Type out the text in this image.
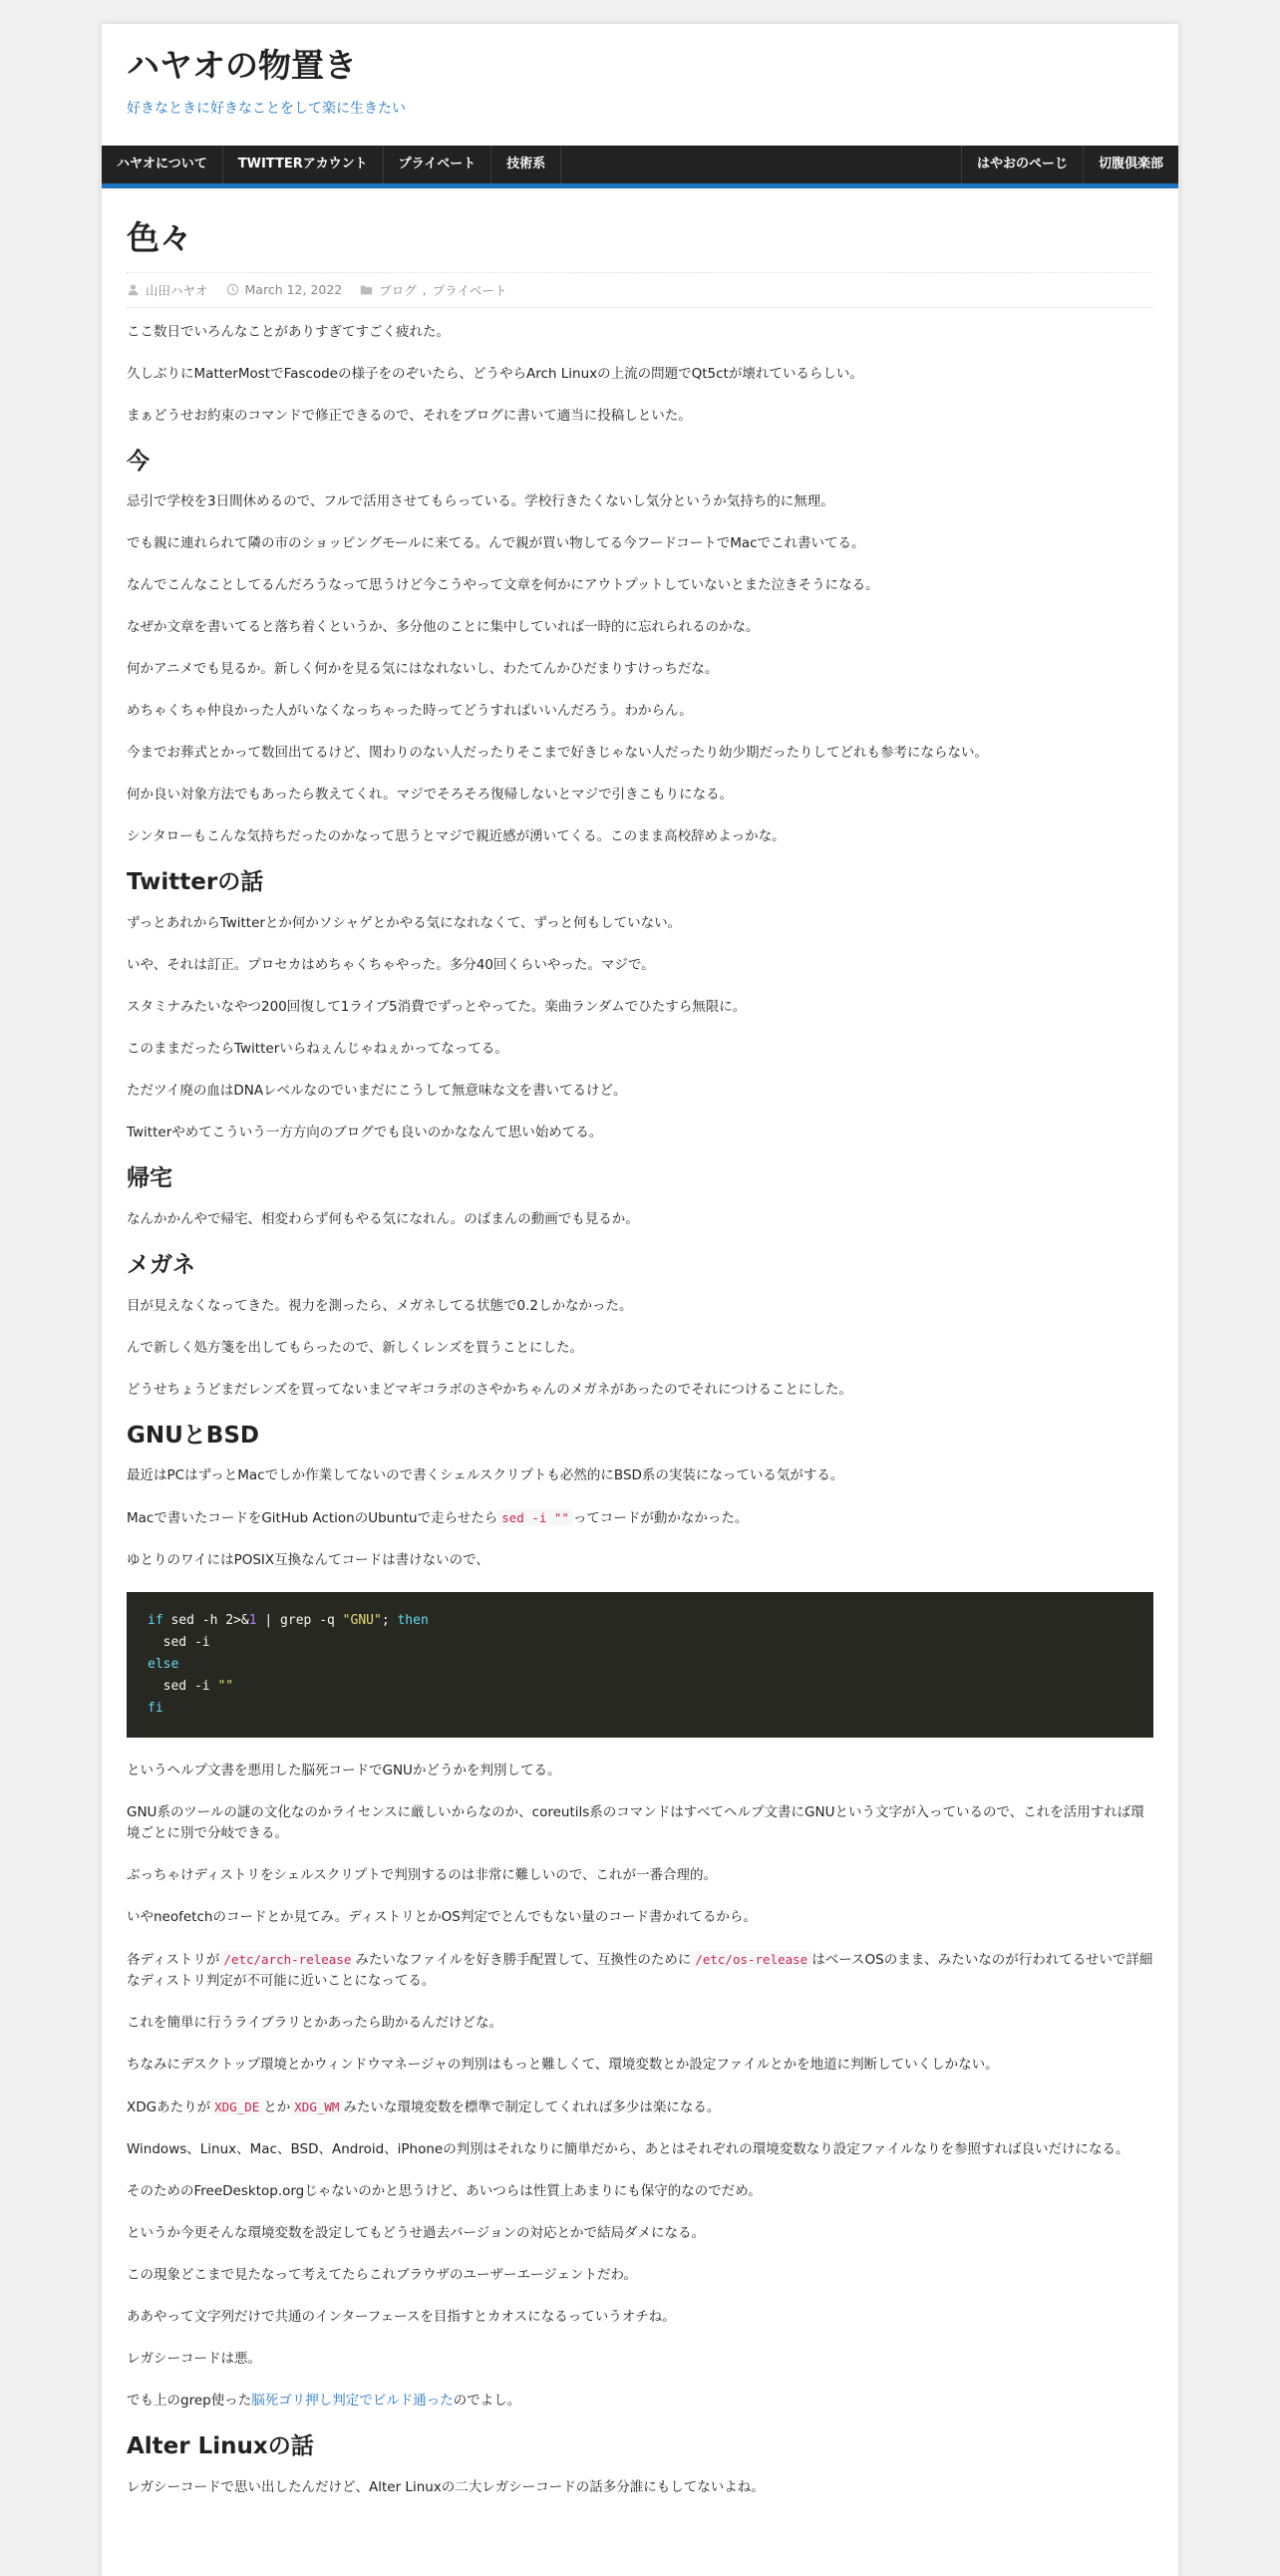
ハヤオの物置き
好きなときに好きなことをして楽に生きたい
ハヤオについて	TWITTERアカウント	プライベート	技術系	はやおのぺーじ	切腹倶楽部
色々
山田ハヤオ	March 12, 2022	ブログ , プライベート

ここ数日でいろんなことがありすぎてすごく疲れた。

久しぶりにMatterMostでFascodeの様子をのぞいたら、どうやらArch Linuxの上流の問題でQt5ctが壊れているらしい。

まぁどうせお約束のコマンドで修正できるので、それをブログに書いて適当に投稿しといた。

今

忌引で学校を3日間休めるので、フルで活用させてもらっている。学校行きたくないし気分というか気持ち的に無理。

でも親に連れられて隣の市のショッピングモールに来てる。んで親が買い物してる今フードコートでMacでこれ書いてる。

なんでこんなことしてるんだろうなって思うけど今こうやって文章を何かにアウトプットしていないとまた泣きそうになる。

なぜか文章を書いてると落ち着くというか、多分他のことに集中していれば一時的に忘れられるのかな。

何かアニメでも見るか。新しく何かを見る気にはなれないし、わたてんかひだまりすけっちだな。

めちゃくちゃ仲良かった人がいなくなっちゃった時ってどうすればいいんだろう。わからん。

今までお葬式とかって数回出てるけど、関わりのない人だったりそこまで好きじゃない人だったり幼少期だったりしてどれも参考にならない。

何か良い対象方法でもあったら教えてくれ。マジでそろそろ復帰しないとマジで引きこもりになる。

シンタローもこんな気持ちだったのかなって思うとマジで親近感が湧いてくる。このまま高校辞めよっかな。

Twitterの話

ずっとあれからTwitterとか何かソシャゲとかやる気になれなくて、ずっと何もしていない。

いや、それは訂正。プロセカはめちゃくちゃやった。多分40回くらいやった。マジで。

スタミナみたいなやつ200回復して1ライブ5消費でずっとやってた。楽曲ランダムでひたすら無限に。

このままだったらTwitterいらねぇんじゃねぇかってなってる。

ただツイ廃の血はDNAレベルなのでいまだにこうして無意味な文を書いてるけど。

Twitterやめてこういう一方方向のブログでも良いのかななんて思い始めてる。

帰宅

なんかかんやで帰宅、相変わらず何もやる気になれん。のばまんの動画でも見るか。

メガネ

目が見えなくなってきた。視力を測ったら、メガネしてる状態で0.2しかなかった。

んで新しく処方箋を出してもらったので、新しくレンズを買うことにした。

どうせちょうどまだレンズを買ってないまどマギコラボのさやかちゃんのメガネがあったのでそれにつけることにした。

GNUとBSD

最近はPCはずっとMacでしか作業してないので書くシェルスクリプトも必然的にBSD系の実装になっている気がする。

Macで書いたコードをGitHub ActionのUbuntuで走らせたら sed -i "" ってコードが動かなかった。

ゆとりのワイにはPOSIX互換なんてコードは書けないので、

if sed -h 2>&1 | grep -q "GNU"; then
sed -i
else
sed -i ""
fi

というヘルプ文書を悪用した脳死コードでGNUかどうかを判別してる。

GNU系のツールの謎の文化なのかライセンスに厳しいからなのか、coreutils系のコマンドはすべてヘルプ文書にGNUという文字が入っているので、これを活用すれば環境ごとに別で分岐できる。

ぶっちゃけディストリをシェルスクリプトで判別するのは非常に難しいので、これが一番合理的。

いやneofetchのコードとか見てみ。ディストリとかOS判定でとんでもない量のコード書かれてるから。

各ディストリが /etc/arch-release みたいなファイルを好き勝手配置して、互換性のために /etc/os-release はベースOSのまま、みたいなのが行われてるせいで詳細なディストリ判定が不可能に近いことになってる。

これを簡単に行うライブラリとかあったら助かるんだけどな。

ちなみにデスクトップ環境とかウィンドウマネージャの判別はもっと難しくて、環境変数とか設定ファイルとかを地道に判断していくしかない。

XDGあたりが XDG_DE とか XDG_WM みたいな環境変数を標準で制定してくれれば多少は楽になる。

Windows、Linux、Mac、BSD、Android、iPhoneの判別はそれなりに簡単だから、あとはそれぞれの環境変数なり設定ファイルなりを参照すれば良いだけになる。

そのためのFreeDesktop.orgじゃないのかと思うけど、あいつらは性質上あまりにも保守的なのでだめ。

というか今更そんな環境変数を設定してもどうせ過去バージョンの対応とかで結局ダメになる。

この現象どこまで見たなって考えてたらこれブラウザのユーザーエージェントだわ。

ああやって文字列だけで共通のインターフェースを目指すとカオスになるっていうオチね。

レガシーコードは悪。

でも上のgrep使った脳死ゴリ押し判定でビルド通ったのでよし。

Alter Linuxの話

レガシーコードで思い出したんだけど、Alter Linuxの二大レガシーコードの話多分誰にもしてないよね。
